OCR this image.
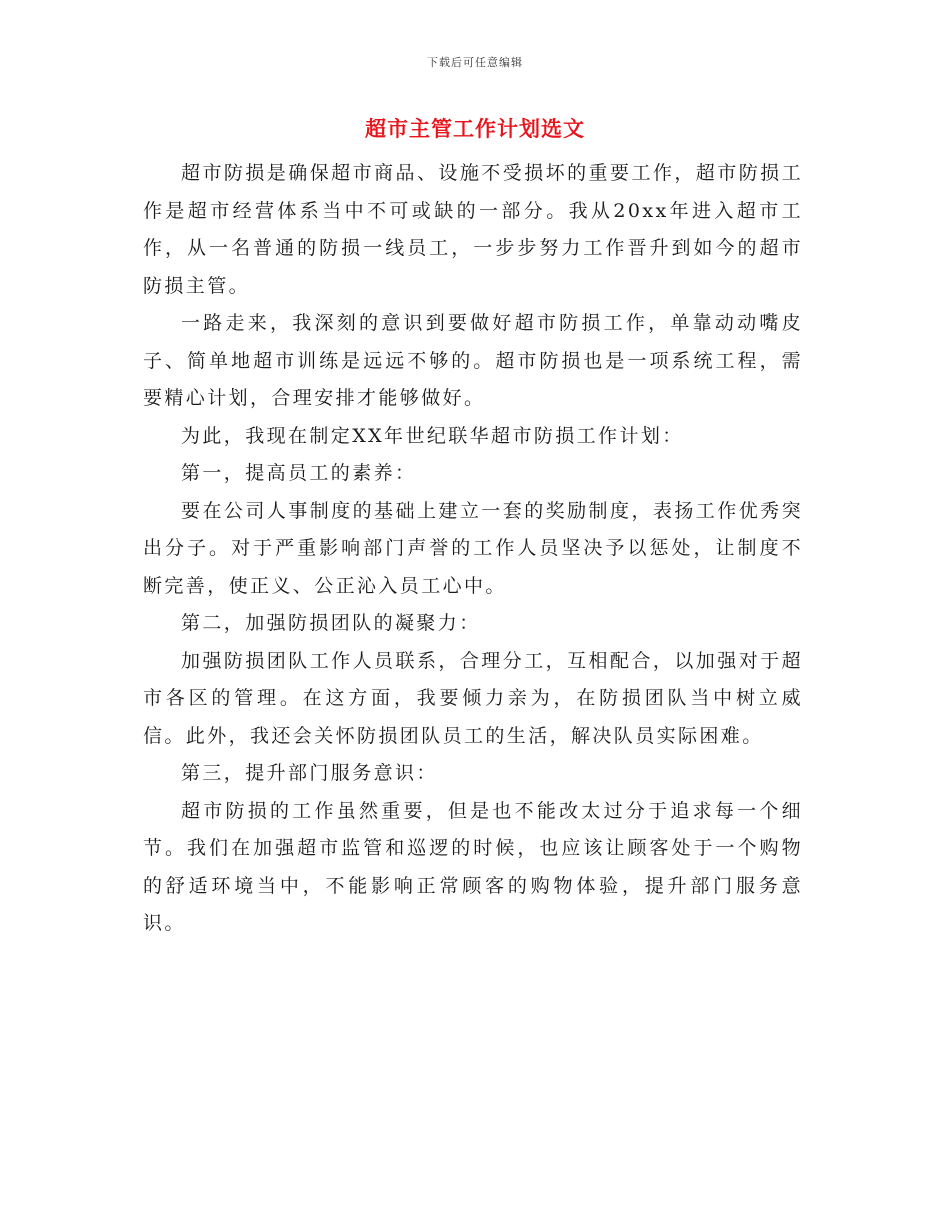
下载后可任意编辑
超市主管工作计划选文

超市防损是确保超市商品、设施不受损坏的重要工作，超市防损工作是超市经营体系当中不可或缺的一部分。我从20xx年进入超市工作，从一名普通的防损一线员工，一步步努力工作晋升到如今的超市防损主管。

一路走来，我深刻的意识到要做好超市防损工作，单靠动动嘴皮子、简单地超市训练是远远不够的。超市防损也是一项系统工程，需要精心计划，合理安排才能够做好。

为此，我现在制定XX年世纪联华超市防损工作计划：

第一，提高员工的素养：

要在公司人事制度的基础上建立一套的奖励制度，表扬工作优秀突出分子。对于严重影响部门声誉的工作人员坚决予以惩处，让制度不断完善，使正义、公正沁入员工心中。

第二，加强防损团队的凝聚力：

加强防损团队工作人员联系，合理分工，互相配合，以加强对于超市各区的管理。在这方面，我要倾力亲为，在防损团队当中树立威信。此外，我还会关怀防损团队员工的生活，解决队员实际困难。

第三，提升部门服务意识：

超市防损的工作虽然重要，但是也不能改太过分于追求每一个细节。我们在加强超市监管和巡逻的时候，也应该让顾客处于一个购物的舒适环境当中，不能影响正常顾客的购物体验，提升部门服务意识。
